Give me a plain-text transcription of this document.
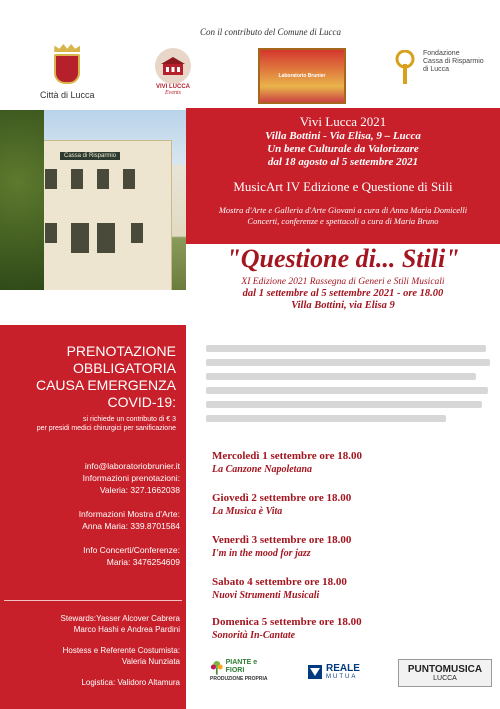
Con il contributo del Comune di Lucca
Città di Lucca
VIVI LUCCA
Events
Laboratorio Brunier
Fondazione
Cassa di Risparmio
di Lucca
Cassa di Risparmio
Vivi Lucca 2021
Villa Bottini - Via Elisa, 9 – Lucca
Un bene Culturale da Valorizzare
dal 18 agosto al 5 settembre 2021
MusicArt IV Edizione e Questione di Stili
Mostra d'Arte e Galleria d'Arte Giovani a cura di Anna Maria Domicelli
Concerti, conferenze e spettacoli a cura di Maria Bruno
"Questione di... Stili"
XI Edizione 2021 Rassegna di Generi e Stili Musicali
dal 1 settembre al 5 settembre 2021 - ore 18.00
Villa Bottini, via Elisa 9
PRENOTAZIONE
OBBLIGATORIA
CAUSA EMERGENZA
COVID-19:
si richiede un contributo di € 3
per presidi medici chirurgici per sanificazione
info@laboratoriobrunier.it
Informazioni prenotazioni:
Valeria: 327.1662038
Informazioni Mostra d'Arte:
Anna Maria: 339.8701584
Info Concerti/Conferenze:
Maria: 3476254609
Stewards:Yasser Alcover Cabrera
Marco Hashi e Andrea Pardini
Hostess e Referente Costumista:
Valeria Nunziata
Logistica: Validoro Altamura
Mercoledì 1 settembre ore 18.00
La Canzone Napoletana
Giovedì 2 settembre ore 18.00
La Musica è Vita
Venerdì 3 settembre ore 18.00
I'm in the mood for jazz
Sabato 4 settembre ore 18.00
Nuovi Strumenti Musicali
Domenica 5 settembre ore 18.00
Sonorità In-Cantate
PIANTE e FIORI
PRODUZIONE PROPRIA
REALE
MUTUA
PUNTOMUSICA
LUCCA
